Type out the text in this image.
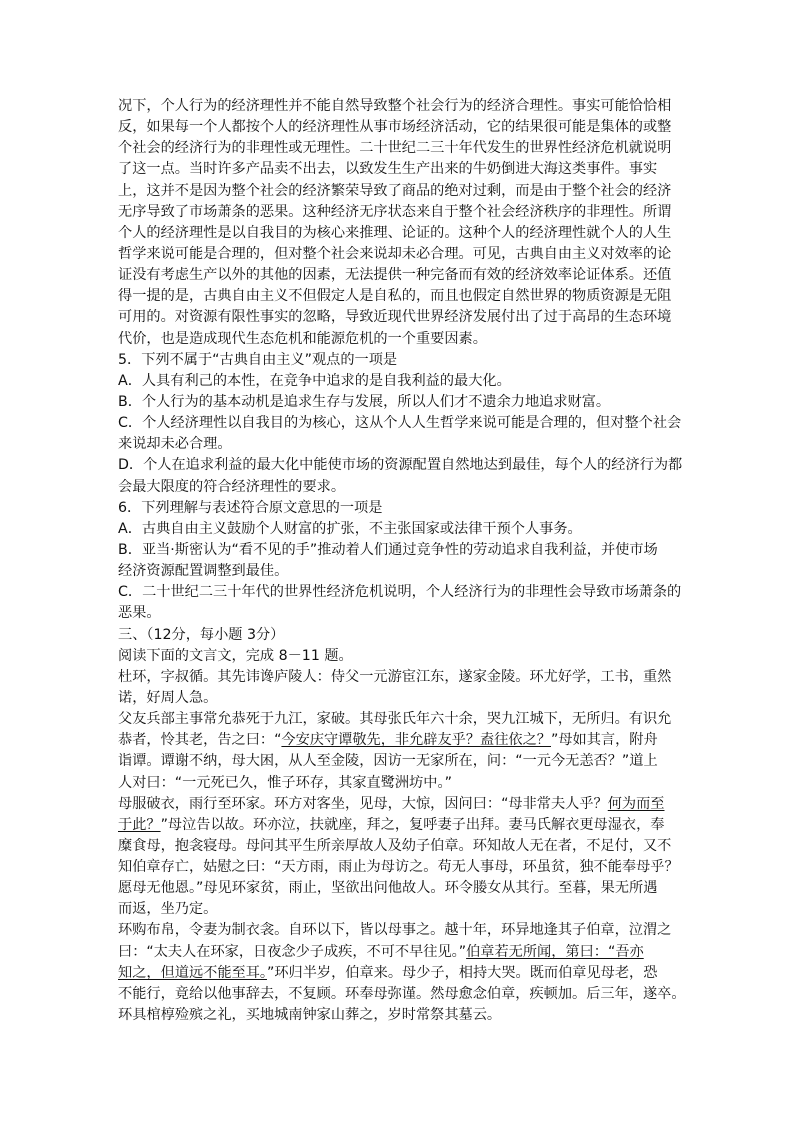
况下，个人行为的经济理性并不能自然导致整个社会行为的经济合理性。事实可能恰恰相
反，如果每一个人都按个人的经济理性从事市场经济活动，它的结果很可能是集体的或整
个社会的经济行为的非理性或无理性。二十世纪二三十年代发生的世界性经济危机就说明
了这一点。当时许多产品卖不出去，以致发生生产出来的牛奶倒进大海这类事件。事实
上，这并不是因为整个社会的经济繁荣导致了商品的绝对过剩，而是由于整个社会的经济
无序导致了市场萧条的恶果。这种经济无序状态来自于整个社会经济秩序的非理性。所谓
个人的经济理性是以自我目的为核心来推理、论证的。这种个人的经济理性就个人的人生
哲学来说可能是合理的，但对整个社会来说却未必合理。可见，古典自由主义对效率的论
证没有考虑生产以外的其他的因素，无法提供一种完备而有效的经济效率论证体系。还值
得一提的是，古典自由主义不但假定人是自私的，而且也假定自然世界的物质资源是无阻
可用的。对资源有限性事实的忽略，导致近现代世界经济发展付出了过于高昂的生态环境
代价，也是造成现代生态危机和能源危机的一个重要因素。
5．下列不属于“古典自由主义”观点的一项是
A．人具有利己的本性，在竞争中追求的是自我利益的最大化。
B．个人行为的基本动机是追求生存与发展，所以人们才不遗余力地追求财富。
C．个人经济理性以自我目的为核心，这从个人人生哲学来说可能是合理的，但对整个社会
来说却未必合理。
D．个人在追求利益的最大化中能使市场的资源配置自然地达到最佳，每个人的经济行为都
会最大限度的符合经济理性的要求。
6．下列理解与表述符合原文意思的一项是
A．古典自由主义鼓励个人财富的扩张，不主张国家或法律干预个人事务。
B．亚当·斯密认为“看不见的手”推动着人们通过竞争性的劳动追求自我利益，并使市场
经济资源配置调整到最佳。
C．二十世纪二三十年代的世界性经济危机说明，个人经济行为的非理性会导致市场萧条的
恶果。
三、（12分，每小题 3分）
阅读下面的文言文，完成 8－11 题。
杜环，字叔循。其先讳谗庐陵人：侍父一元游宦江东，遂家金陵。环尤好学，工书，重然
诺，好周人急。
父友兵部主事常允恭死于九江，家破。其母张氏年六十余，哭九江城下，无所归。有识允
恭者，怜其老，告之曰：“今安庆守谭敬先，非允辟友乎？盍往依之？”母如其言，附舟
诣谭。谭谢不纳，母大困，从人至金陵，因访一无家所在，问：“一元今无恙否？”道上
人对曰：“一元死已久，惟子环存，其家直鹭洲坊中。”
母服破衣，雨行至环家。环方对客坐，见母，大惊，因问曰：“母非常夫人乎？何为而至
于此？”母泣告以故。环亦泣，扶就座，拜之，复呼妻子出拜。妻马氏解衣更母湿衣，奉
糜食母，抱衾寝母。母问其平生所亲厚故人及幼子伯章。环知故人无在者，不足付，又不
知伯章存亡，姑慰之曰：“天方雨，雨止为母访之。苟无人事母，环虽贫，独不能奉母乎？
愿母无他恩。”母见环家贫，雨止，坚欲出问他故人。环令媵女从其行。至暮，果无所遇
而返，坐乃定。
环购布帛，令妻为制衣衾。自环以下，皆以母事之。越十年，环异地逢其子伯章，泣渭之
曰：“太夫人在环家，日夜念少子成疾，不可不早往见。”伯章若无所闻，第曰：“吾亦
知之，但道远不能至耳。”环归半岁，伯章来。母少子，相持大哭。既而伯章见母老，恐
不能行，竟给以他事辞去，不复顾。环奉母弥谨。然母愈念伯章，疾顿加。后三年，遂卒。
环具棺椁殓殡之礼，买地城南钟家山葬之，岁时常祭其墓云。
